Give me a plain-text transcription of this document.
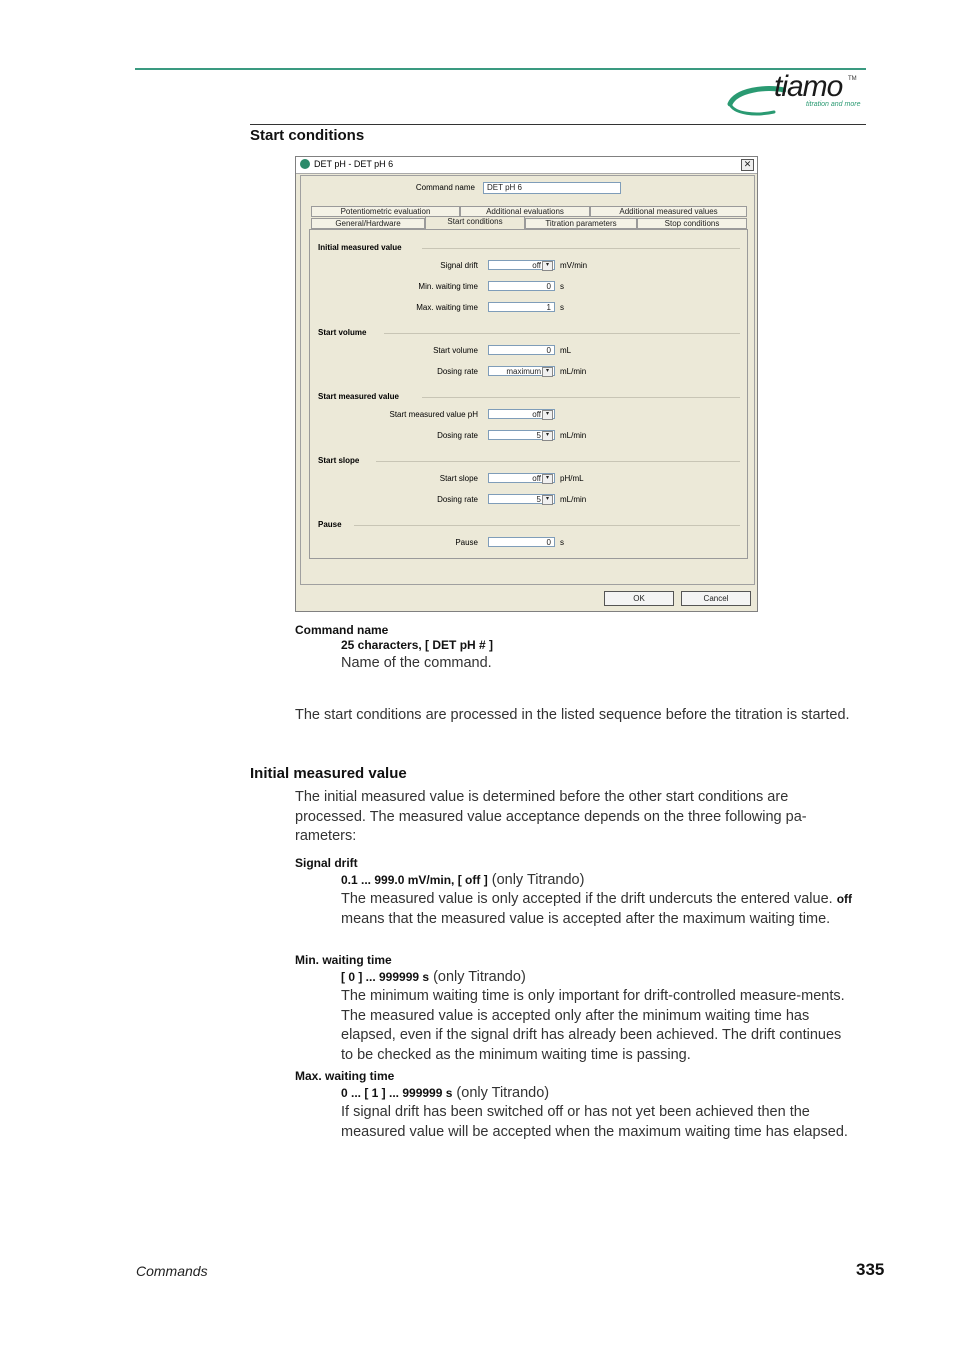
tiamo TM
titration and more
Start conditions
DET pH - DET pH 6	✕
Command name	DET pH 6
Potentiometric evaluation	Additional evaluations	Additional measured values
General/Hardware	Start conditions	Titration parameters	Stop conditions
Initial measured value
Signal drift	off ▾	mV/min
Min. waiting time	0	s
Max. waiting time	1	s
Start volume
Start volume	0	mL
Dosing rate	maximum ▾	mL/min
Start measured value
Start measured value pH	off ▾
Dosing rate	5 ▾	mL/min
Start slope
Start slope	off ▾	pH/mL
Dosing rate	5 ▾	mL/min
Pause
Pause	0	s
OK	Cancel
Command name
25 characters, [ DET pH # ]
Name of the command.
The start conditions are processed in the listed sequence before the titration is started.
Initial measured value
The initial measured value is determined before the other start conditions are processed. The measured value acceptance depends on the three following pa-rameters:
Signal drift
0.1 ... 999.0 mV/min, [ off ] (only Titrando)
The measured value is only accepted if the drift undercuts the entered value. off means that the measured value is accepted after the maximum waiting time.
Min. waiting time
[ 0 ] ... 999999 s (only Titrando)
The minimum waiting time is only important for drift-controlled measure-ments. The measured value is accepted only after the minimum waiting time has elapsed, even if the signal drift has already been achieved. The drift continues to be checked as the minimum waiting time is passing.
Max. waiting time
0 ... [ 1 ] ... 999999 s (only Titrando)
If signal drift has been switched off or has not yet been achieved then the measured value will be accepted when the maximum waiting time has elapsed.
Commands	335
